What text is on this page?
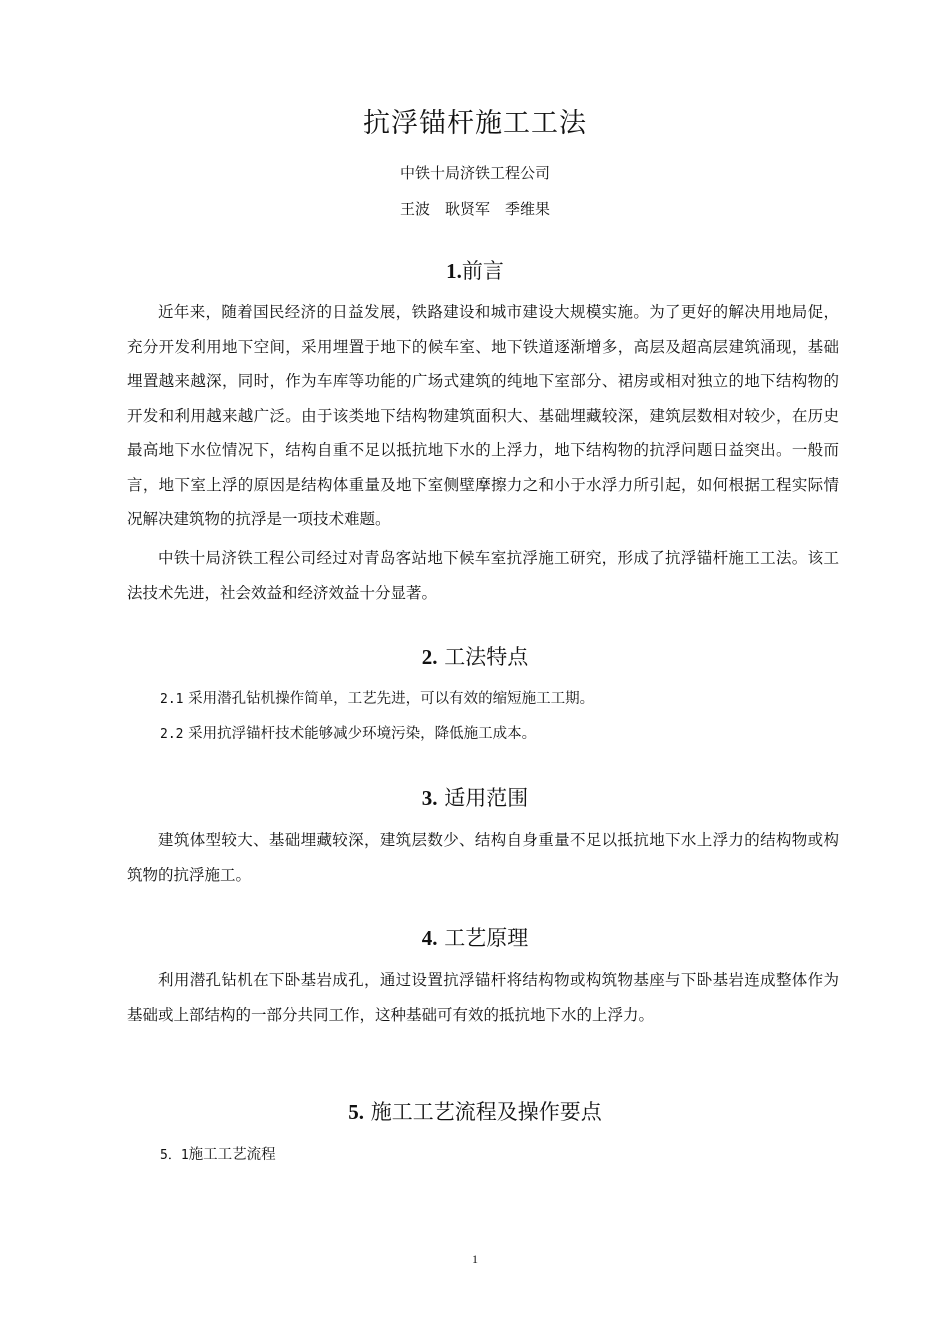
抗浮锚杆施工工法
中铁十局济铁工程公司
王波　耿贤军　季维果
1.前言

近年来，随着国民经济的日益发展，铁路建设和城市建设大规模实施。为了更好的解决用地局促，充分开发利用地下空间，采用埋置于地下的候车室、地下铁道逐渐增多，高层及超高层建筑涌现，基础埋置越来越深，同时，作为车库等功能的广场式建筑的纯地下室部分、裙房或相对独立的地下结构物的开发和利用越来越广泛。由于该类地下结构物建筑面积大、基础埋藏较深，建筑层数相对较少，在历史最高地下水位情况下，结构自重不足以抵抗地下水的上浮力，地下结构物的抗浮问题日益突出。一般而言，地下室上浮的原因是结构体重量及地下室侧壁摩擦力之和小于水浮力所引起，如何根据工程实际情况解决建筑物的抗浮是一项技术难题。

中铁十局济铁工程公司经过对青岛客站地下候车室抗浮施工研究，形成了抗浮锚杆施工工法。该工法技术先进，社会效益和经济效益十分显著。

2. 工法特点

2.1 采用潜孔钻机操作简单，工艺先进，可以有效的缩短施工工期。

2.2 采用抗浮锚杆技术能够减少环境污染，降低施工成本。

3. 适用范围

建筑体型较大、基础埋藏较深，建筑层数少、结构自身重量不足以抵抗地下水上浮力的结构物或构筑物的抗浮施工。

4. 工艺原理

利用潜孔钻机在下卧基岩成孔，通过设置抗浮锚杆将结构物或构筑物基座与下卧基岩连成整体作为基础或上部结构的一部分共同工作，这种基础可有效的抵抗地下水的上浮力。

5. 施工工艺流程及操作要点

5．1施工工艺流程

1
